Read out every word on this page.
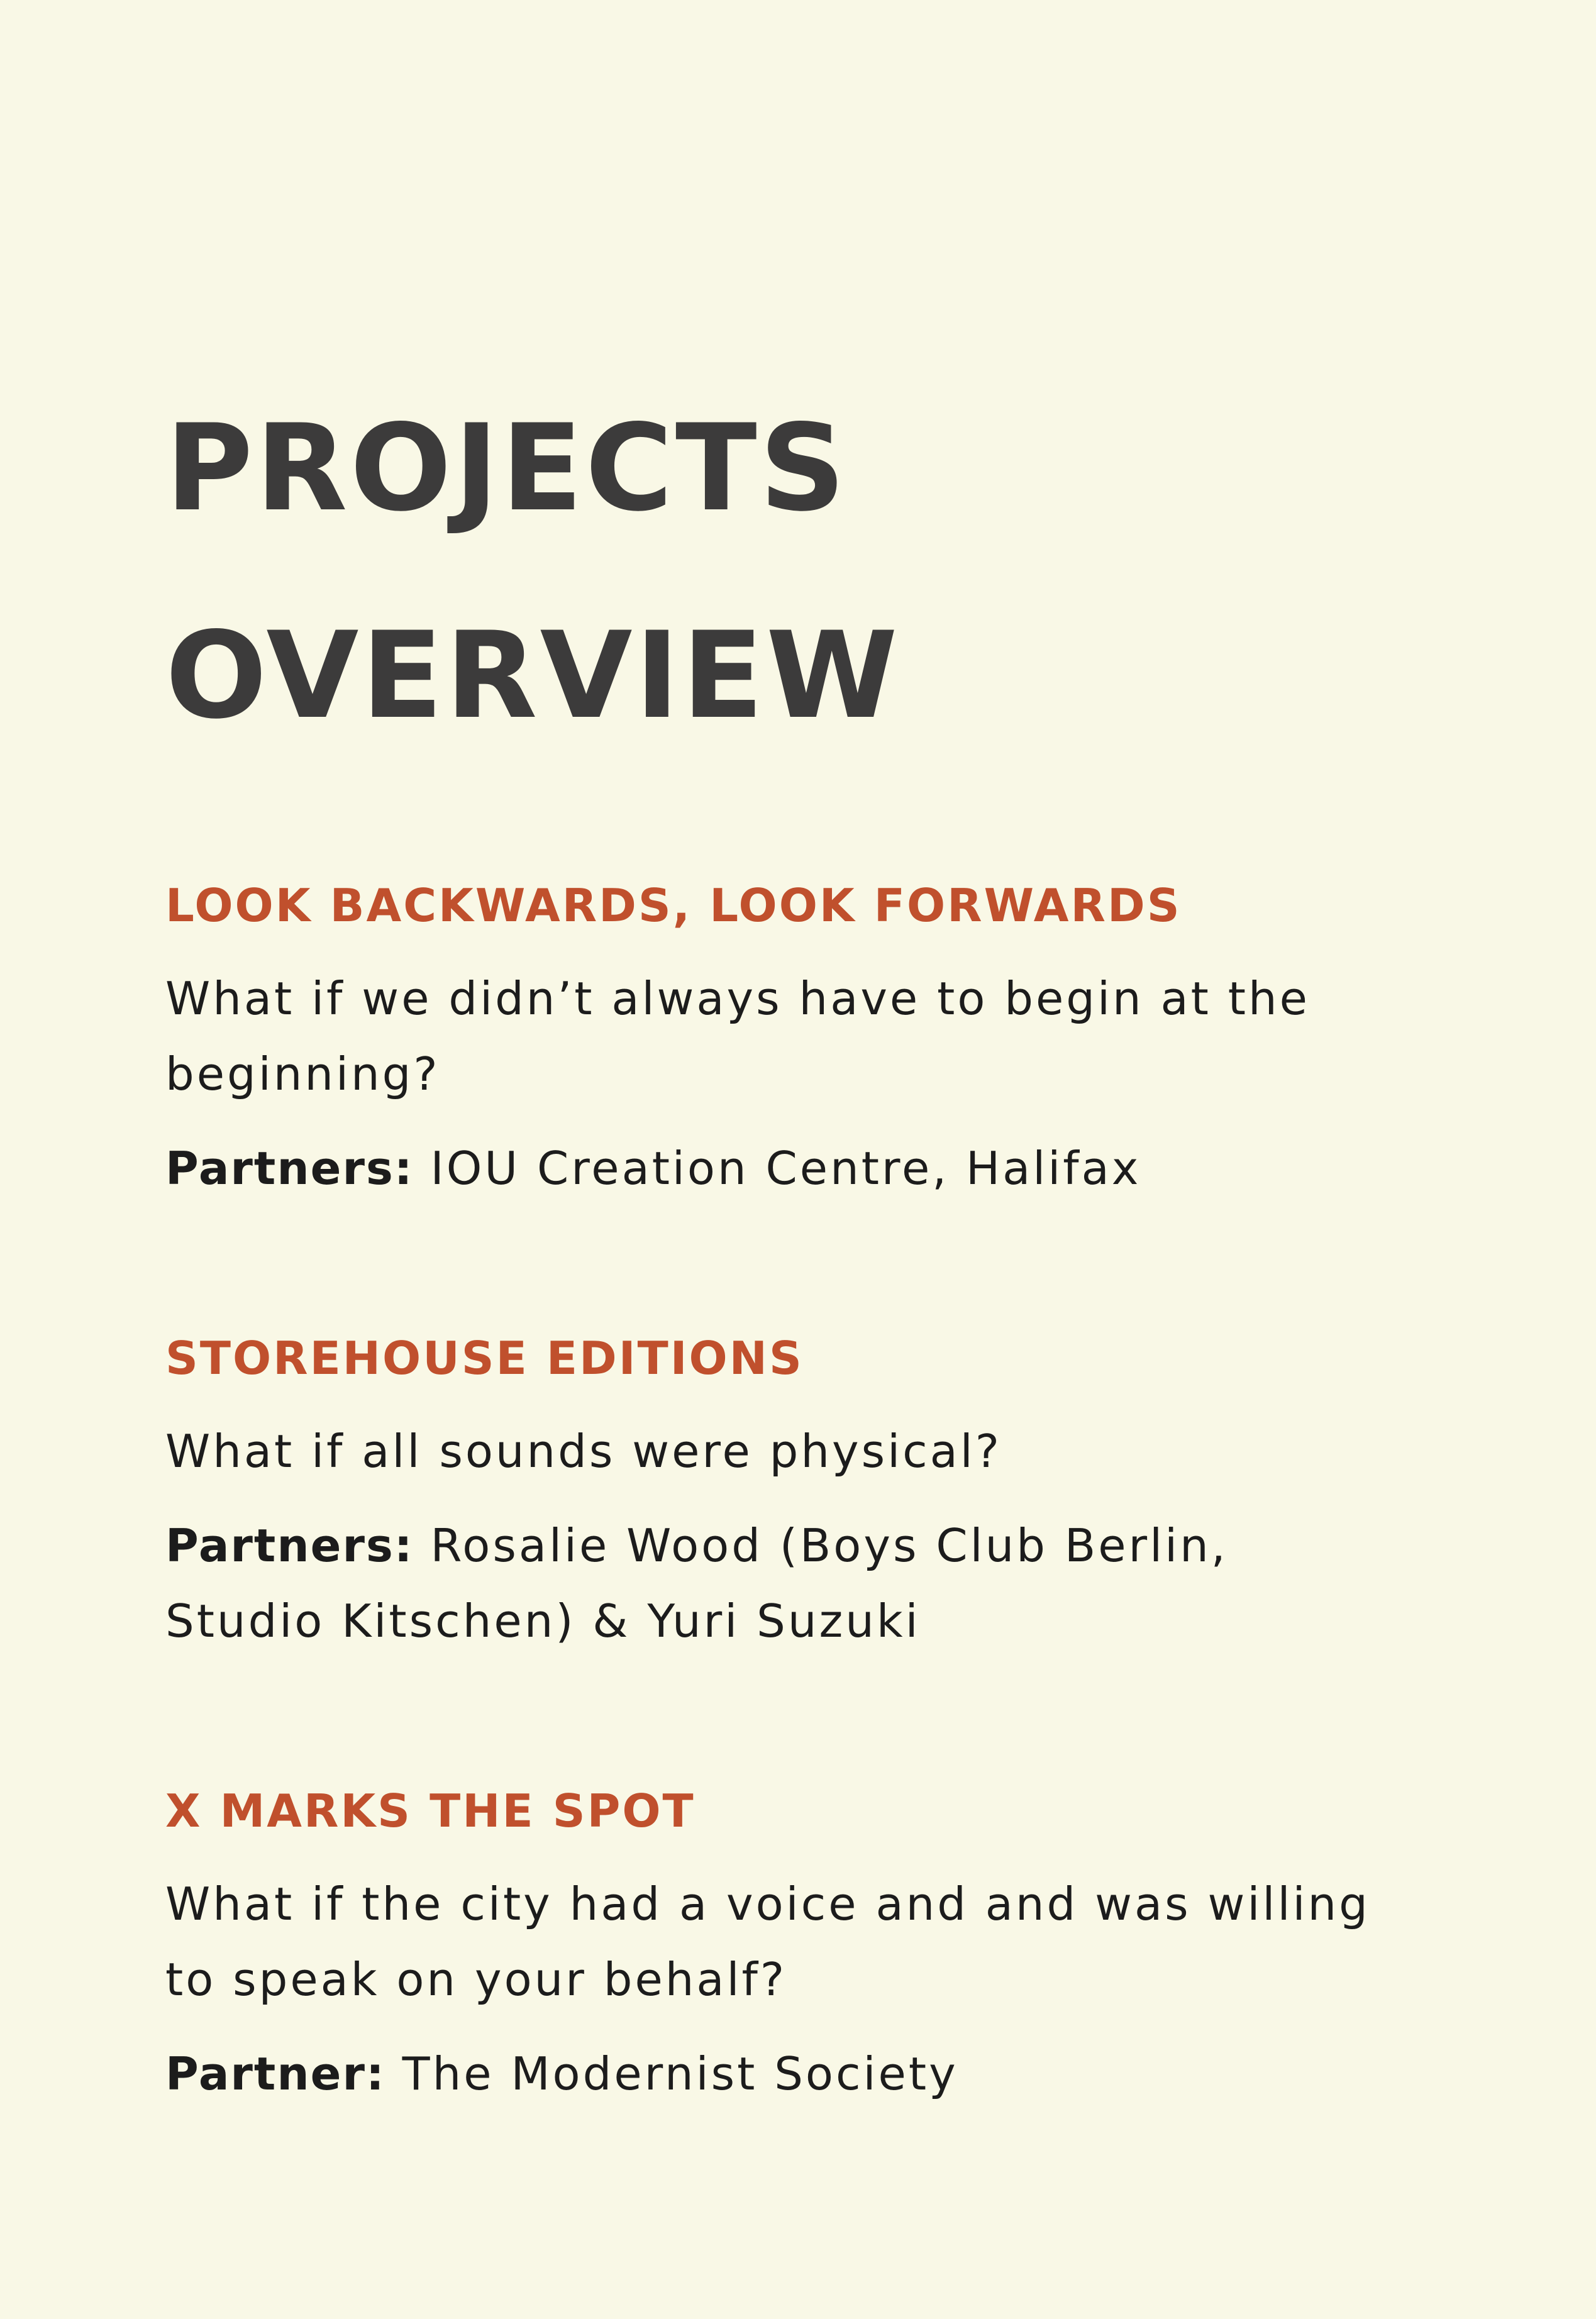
PROJECTS
OVERVIEW
LOOK BACKWARDS, LOOK FORWARDS

What if we didn’t always have to begin at the beginning?

Partners: IOU Creation Centre, Halifax

STOREHOUSE EDITIONS

What if all sounds were physical?

Partners: Rosalie Wood (Boys Club Berlin, Studio Kitschen) & Yuri Suzuki

X MARKS THE SPOT

What if the city had a voice and and was willing to speak on your behalf?

Partner: The Modernist Society
